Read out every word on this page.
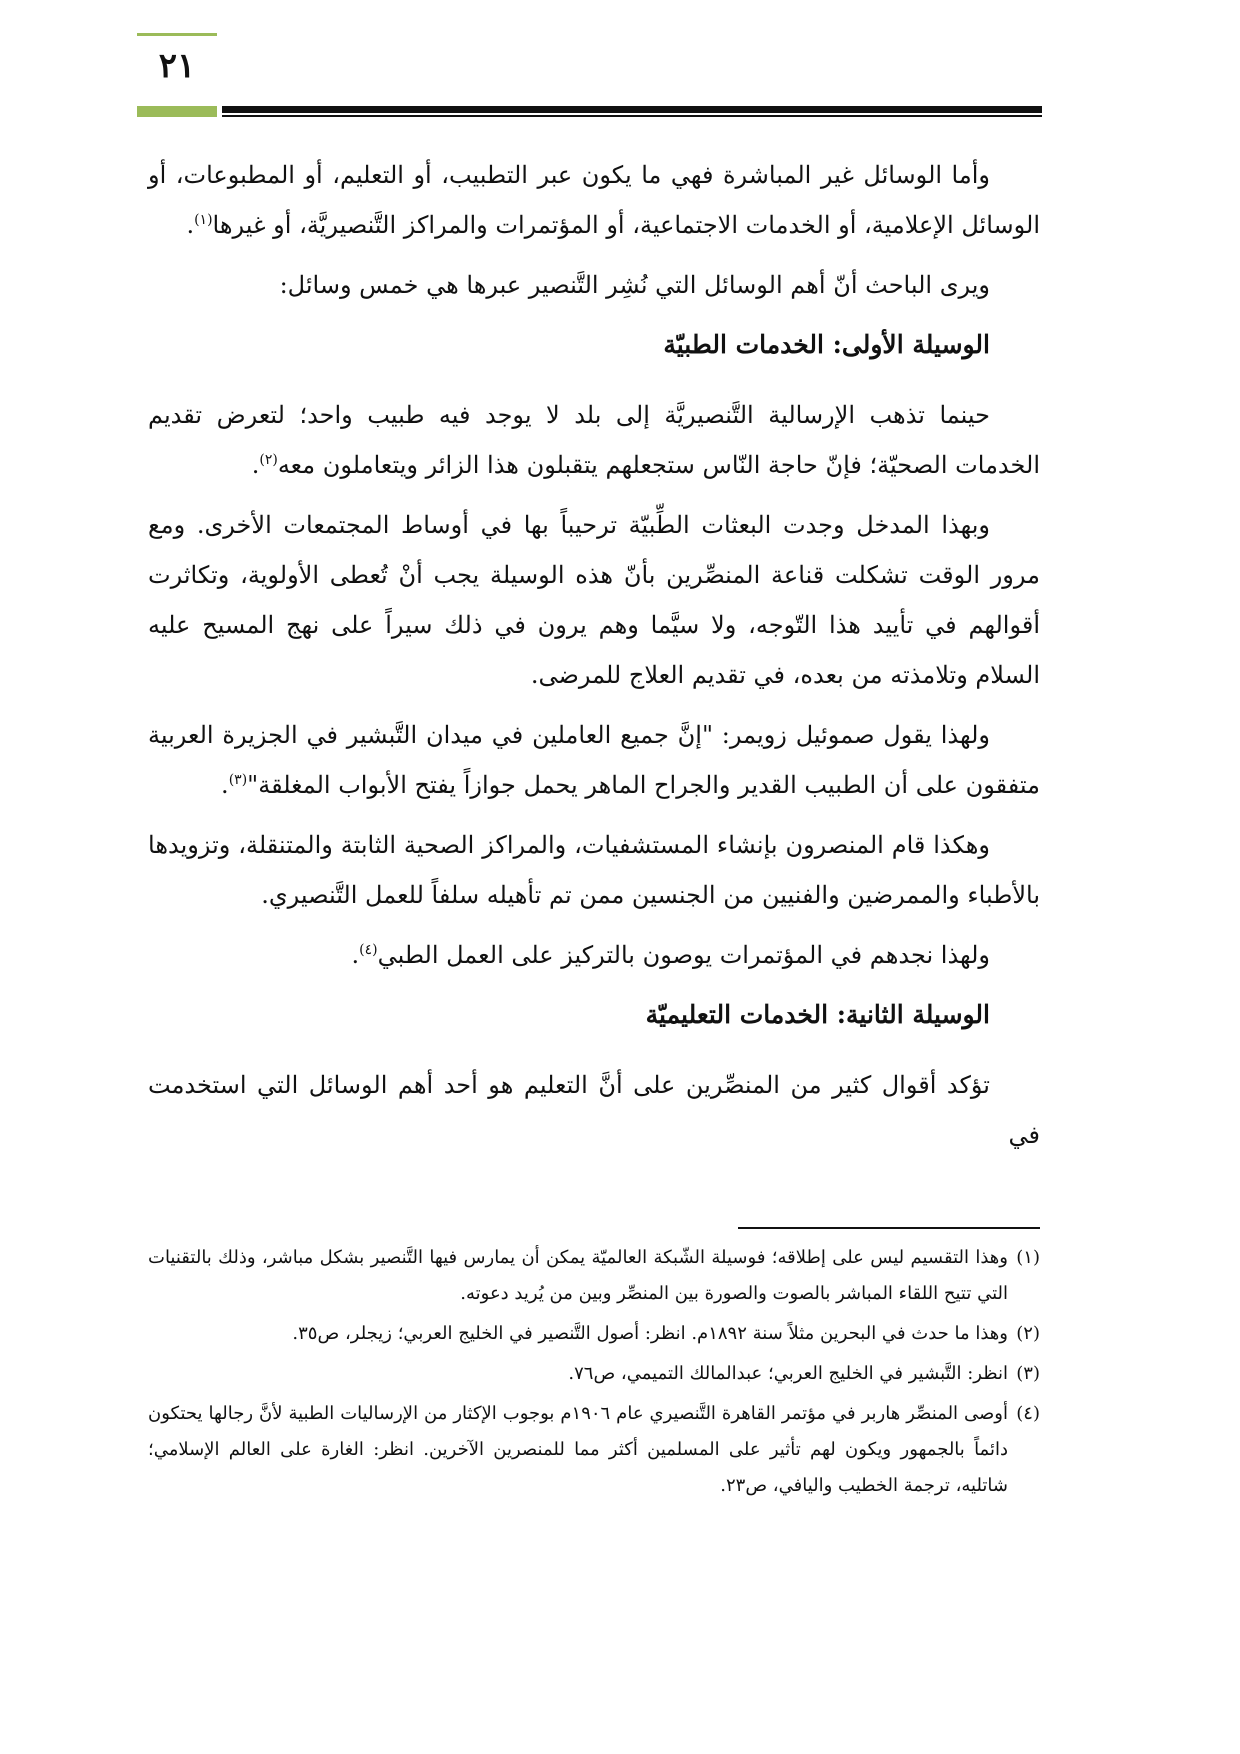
٢١

وأما الوسائل غير المباشرة فهي ما يكون عبر التطبيب، أو التعليم، أو المطبوعات، أو الوسائل الإعلامية، أو الخدمات الاجتماعية، أو المؤتمرات والمراكز التَّنصيريَّة، أو غيرها$^{(١)}$.

ويرى الباحث أنّ أهم الوسائل التي نُشِر التَّنصير عبرها هي خمس وسائل:

الوسيلة الأولى: الخدمات الطبيّة

حينما تذهب الإرسالية التَّنصيريَّة إلى بلد لا يوجد فيه طبيب واحد؛ لتعرض تقديم الخدمات الصحيّة؛ فإنّ حاجة النّاس ستجعلهم يتقبلون هذا الزائر ويتعاملون معه$^{(٢)}$.

وبهذا المدخل وجدت البعثات الطِّبيّة ترحيباً بها في أوساط المجتمعات الأخرى. ومع مرور الوقت تشكلت قناعة المنصِّرين بأنّ هذه الوسيلة يجب أنْ تُعطى الأولوية، وتكاثرت أقوالهم في تأييد هذا التّوجه، ولا سيَّما وهم يرون في ذلك سيراً على نهج المسيح عليه السلام وتلامذته من بعده، في تقديم العلاج للمرضى.

ولهذا يقول صموئيل زويمر: "إنَّ جميع العاملين في ميدان التَّبشير في الجزيرة العربية متفقون على أن الطبيب القدير والجراح الماهر يحمل جوازاً يفتح الأبواب المغلقة"$^{(٣)}$.

وهكذا قام المنصرون بإنشاء المستشفيات، والمراكز الصحية الثابتة والمتنقلة، وتزويدها بالأطباء والممرضين والفنيين من الجنسين ممن تم تأهيله سلفاً للعمل التَّنصيري.

ولهذا نجدهم في المؤتمرات يوصون بالتركيز على العمل الطبي$^{(٤)}$.

الوسيلة الثانية: الخدمات التعليميّة

تؤكد أقوال كثير من المنصِّرين على أنَّ التعليم هو أحد أهم الوسائل التي استخدمت في

(١)
وهذا التقسيم ليس على إطلاقه؛ فوسيلة الشّبكة العالميّة يمكن أن يمارس فيها التَّنصير بشكل مباشر، وذلك بالتقنيات التي تتيح اللقاء المباشر بالصوت والصورة بين المنصِّر وبين من يُريد دعوته.

(٢)
وهذا ما حدث في البحرين مثلاً سنة ١٨٩٢م. انظر: أصول التَّنصير في الخليج العربي؛ زيجلر، ص٣٥.

(٣)
انظر: التَّبشير في الخليج العربي؛ عبدالمالك التميمي، ص٧٦.

(٤)
أوصى المنصِّر هاربر في مؤتمر القاهرة التَّنصيري عام ١٩٠٦م بوجوب الإكثار من الإرساليات الطبية لأنَّ رجالها يحتكون دائماً بالجمهور ويكون لهم تأثير على المسلمين أكثر مما للمنصرين الآخرين. انظر: الغارة على العالم الإسلامي؛ شاتليه، ترجمة الخطيب واليافي، ص٢٣.
